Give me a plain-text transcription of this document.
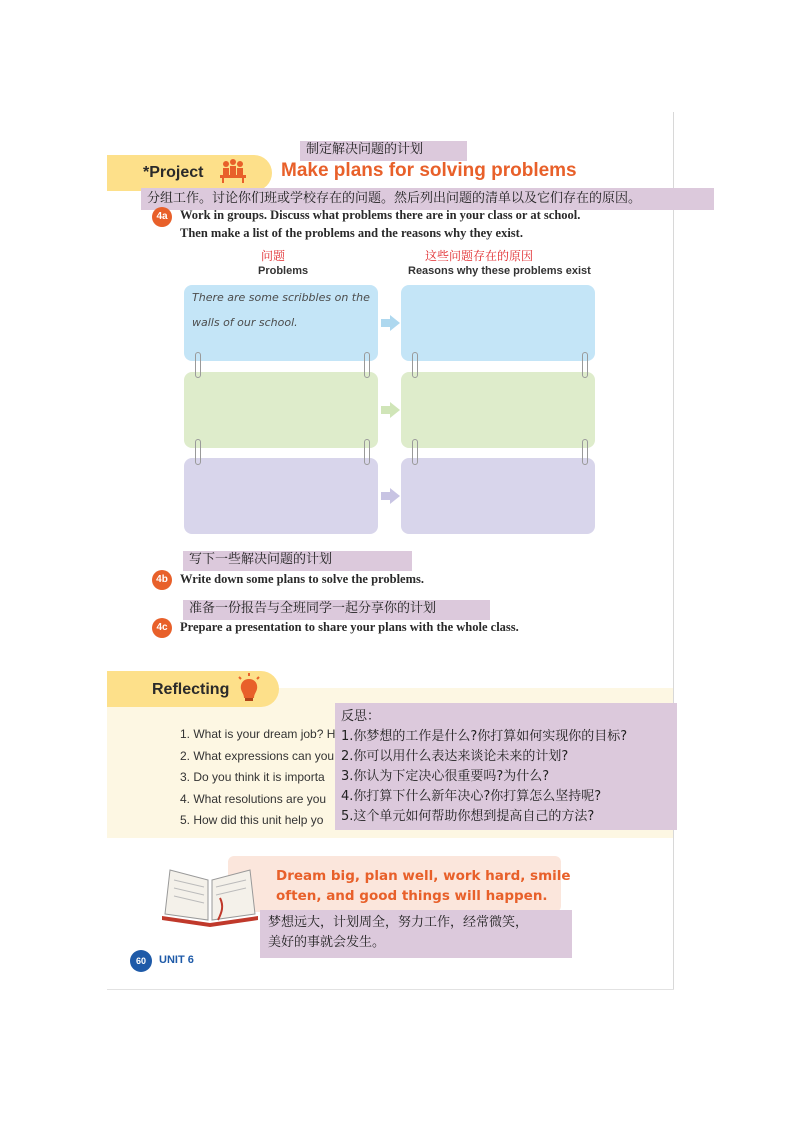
制定解决问题的计划
*Project	Make plans for solving problems
分组工作。讨论你们班或学校存在的问题。然后列出问题的清单以及它们存在的原因。
4a Work in groups. Discuss what problems there are in your class or at school.
Then make a list of the problems and the reasons why they exist.
问题
Problems
这些问题存在的原因
Reasons why these problems exist
There are some scribbles on the
walls of our school.
写下一些解决问题的计划
4b Write down some plans to solve the problems.
准备一份报告与全班同学一起分享你的计划
4c Prepare a presentation to share your plans with the whole class.
Reflecting
1. What is your dream job? H
2. What expressions can you
3. Do you think it is importa
4. What resolutions are you
5. How did this unit help yo
反思：
1.你梦想的工作是什么?你打算如何实现你的目标?
2.你可以用什么表达来谈论未来的计划?
3.你认为下定决心很重要吗?为什么?
4.你打算下什么新年决心?你打算怎么坚持呢?
5.这个单元如何帮助你想到提高自己的方法?
Dream big, plan well, work hard, smile
often, and good things will happen.
梦想远大，计划周全，努力工作，经常微笑，
美好的事就会发生。
60	UNIT 6
